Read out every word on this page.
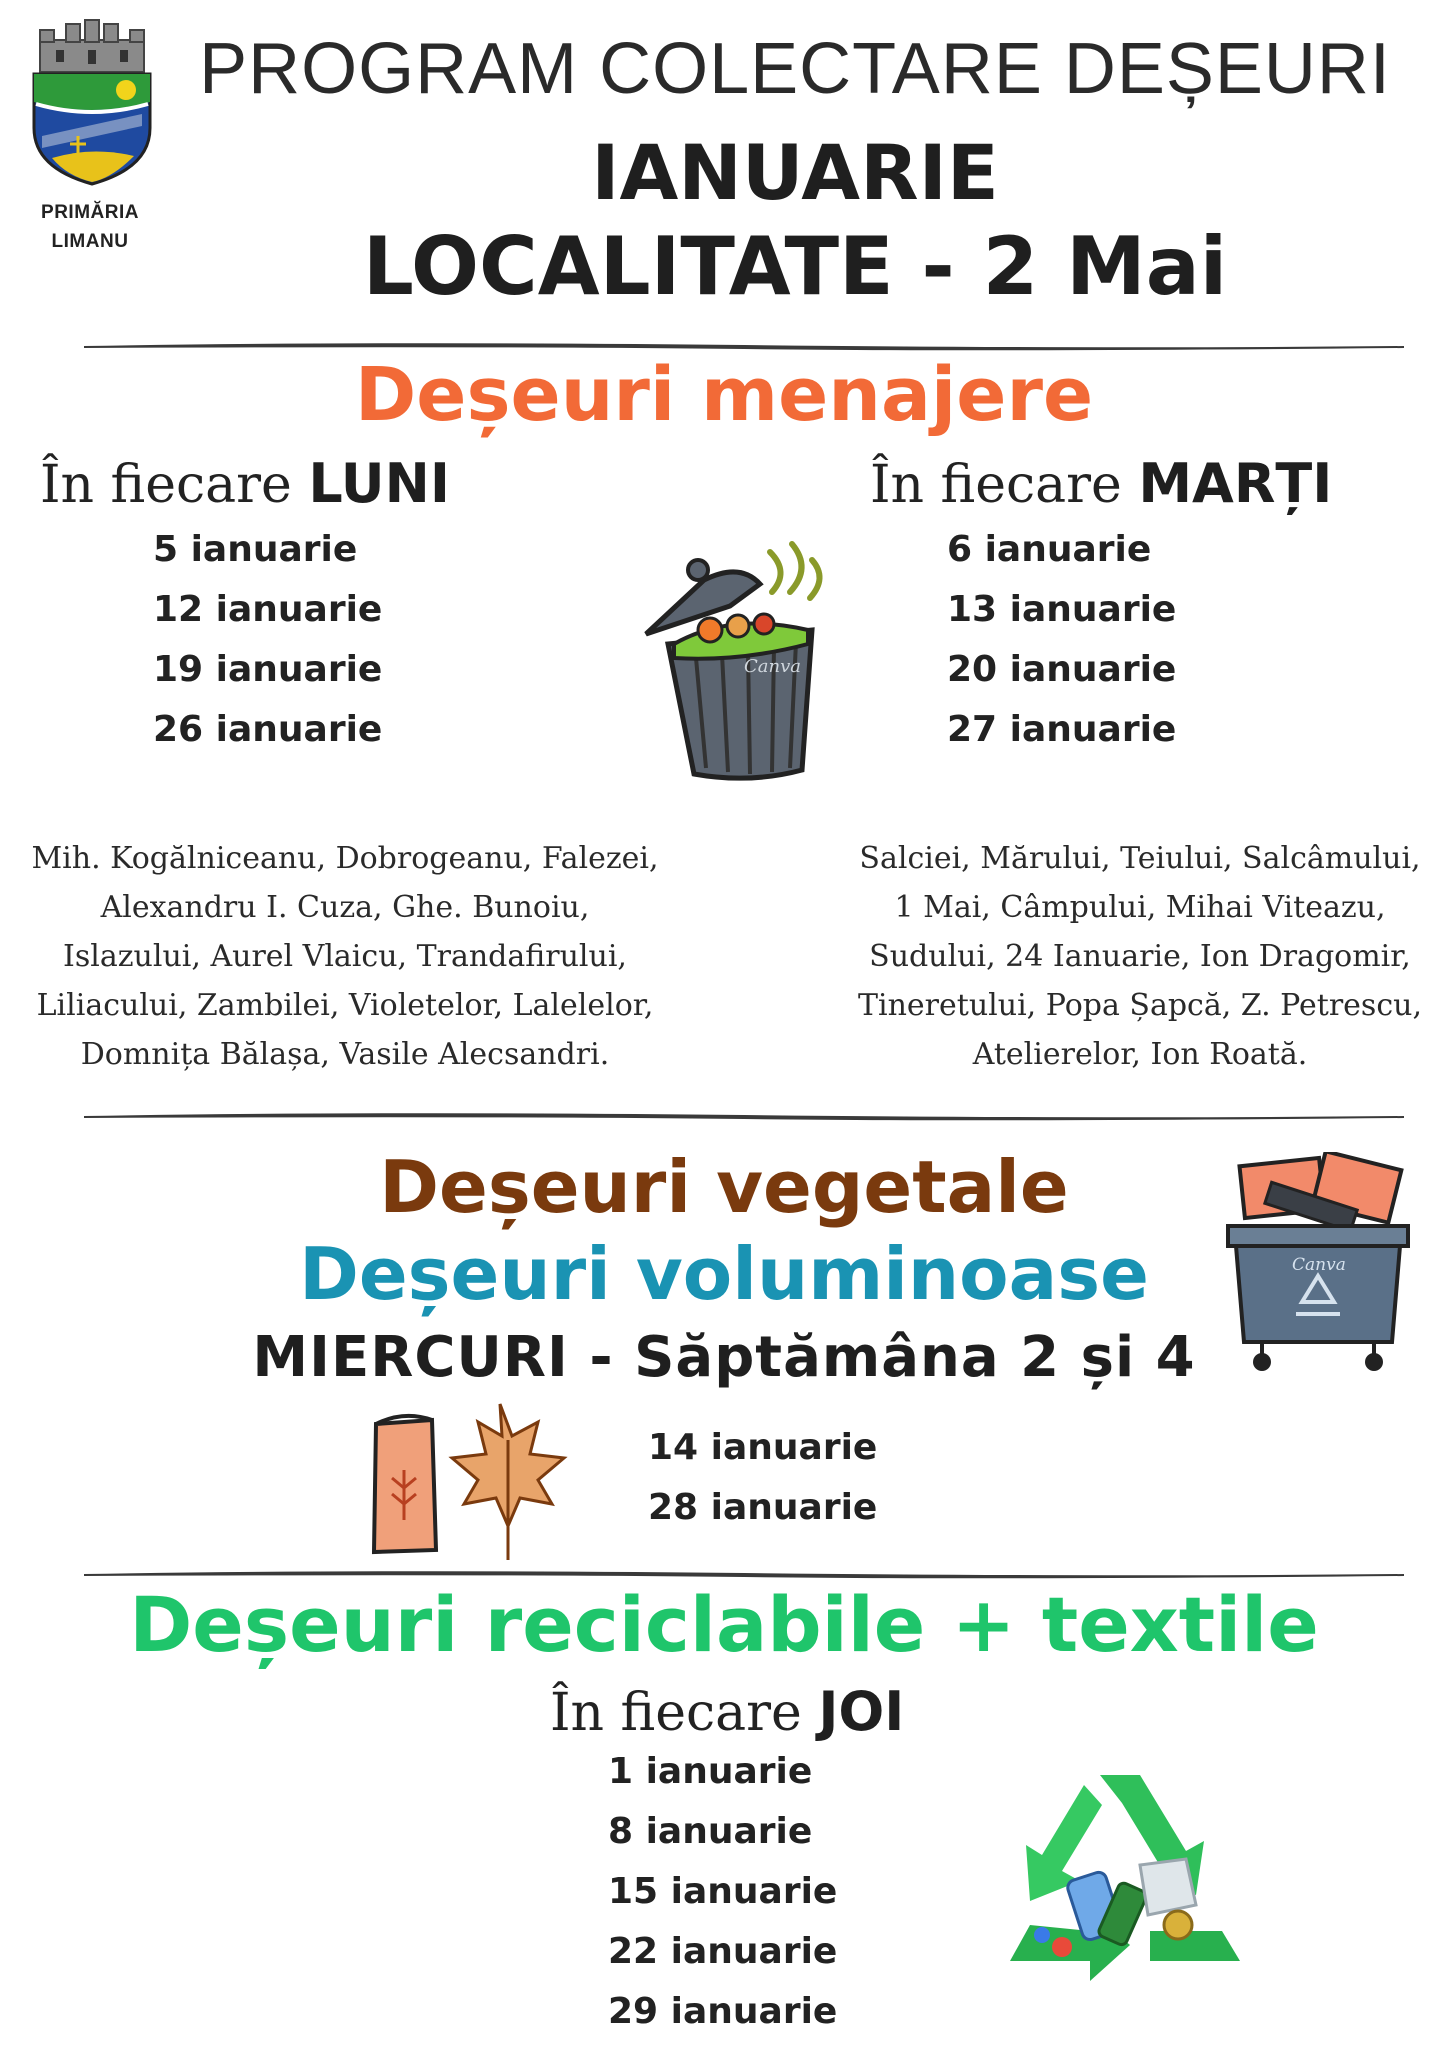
PRIMĂRIA
LIMANU
PROGRAM COLECTARE DEȘEURI
IANUARIE
LOCALITATE - 2 Mai
Deșeuri menajere
În fiecare LUNI
5 ianuarie
12 ianuarie
19 ianuarie
26 ianuarie
În fiecare MARȚI
6 ianuarie
13 ianuarie
20 ianuarie
27 ianuarie
Canva
Mih. Kogălniceanu, Dobrogeanu, Falezei,
Alexandru I. Cuza, Ghe. Bunoiu,
Islazului, Aurel Vlaicu, Trandafirului,
Liliacului, Zambilei, Violetelor, Lalelelor,
Domnița Bălașa, Vasile Alecsandri.
Salciei, Mărului, Teiului, Salcâmului,
1 Mai, Câmpului, Mihai Viteazu,
Sudului, 24 Ianuarie, Ion Dragomir,
Tineretului, Popa Șapcă, Z. Petrescu,
Atelierelor, Ion Roată.
Deșeuri vegetale
Deșeuri voluminoase
MIERCURI - Săptămâna 2 și 4
Canva
14 ianuarie
28 ianuarie
Deșeuri reciclabile + textile
În fiecare JOI
1 ianuarie
8 ianuarie
15 ianuarie
22 ianuarie
29 ianuarie
